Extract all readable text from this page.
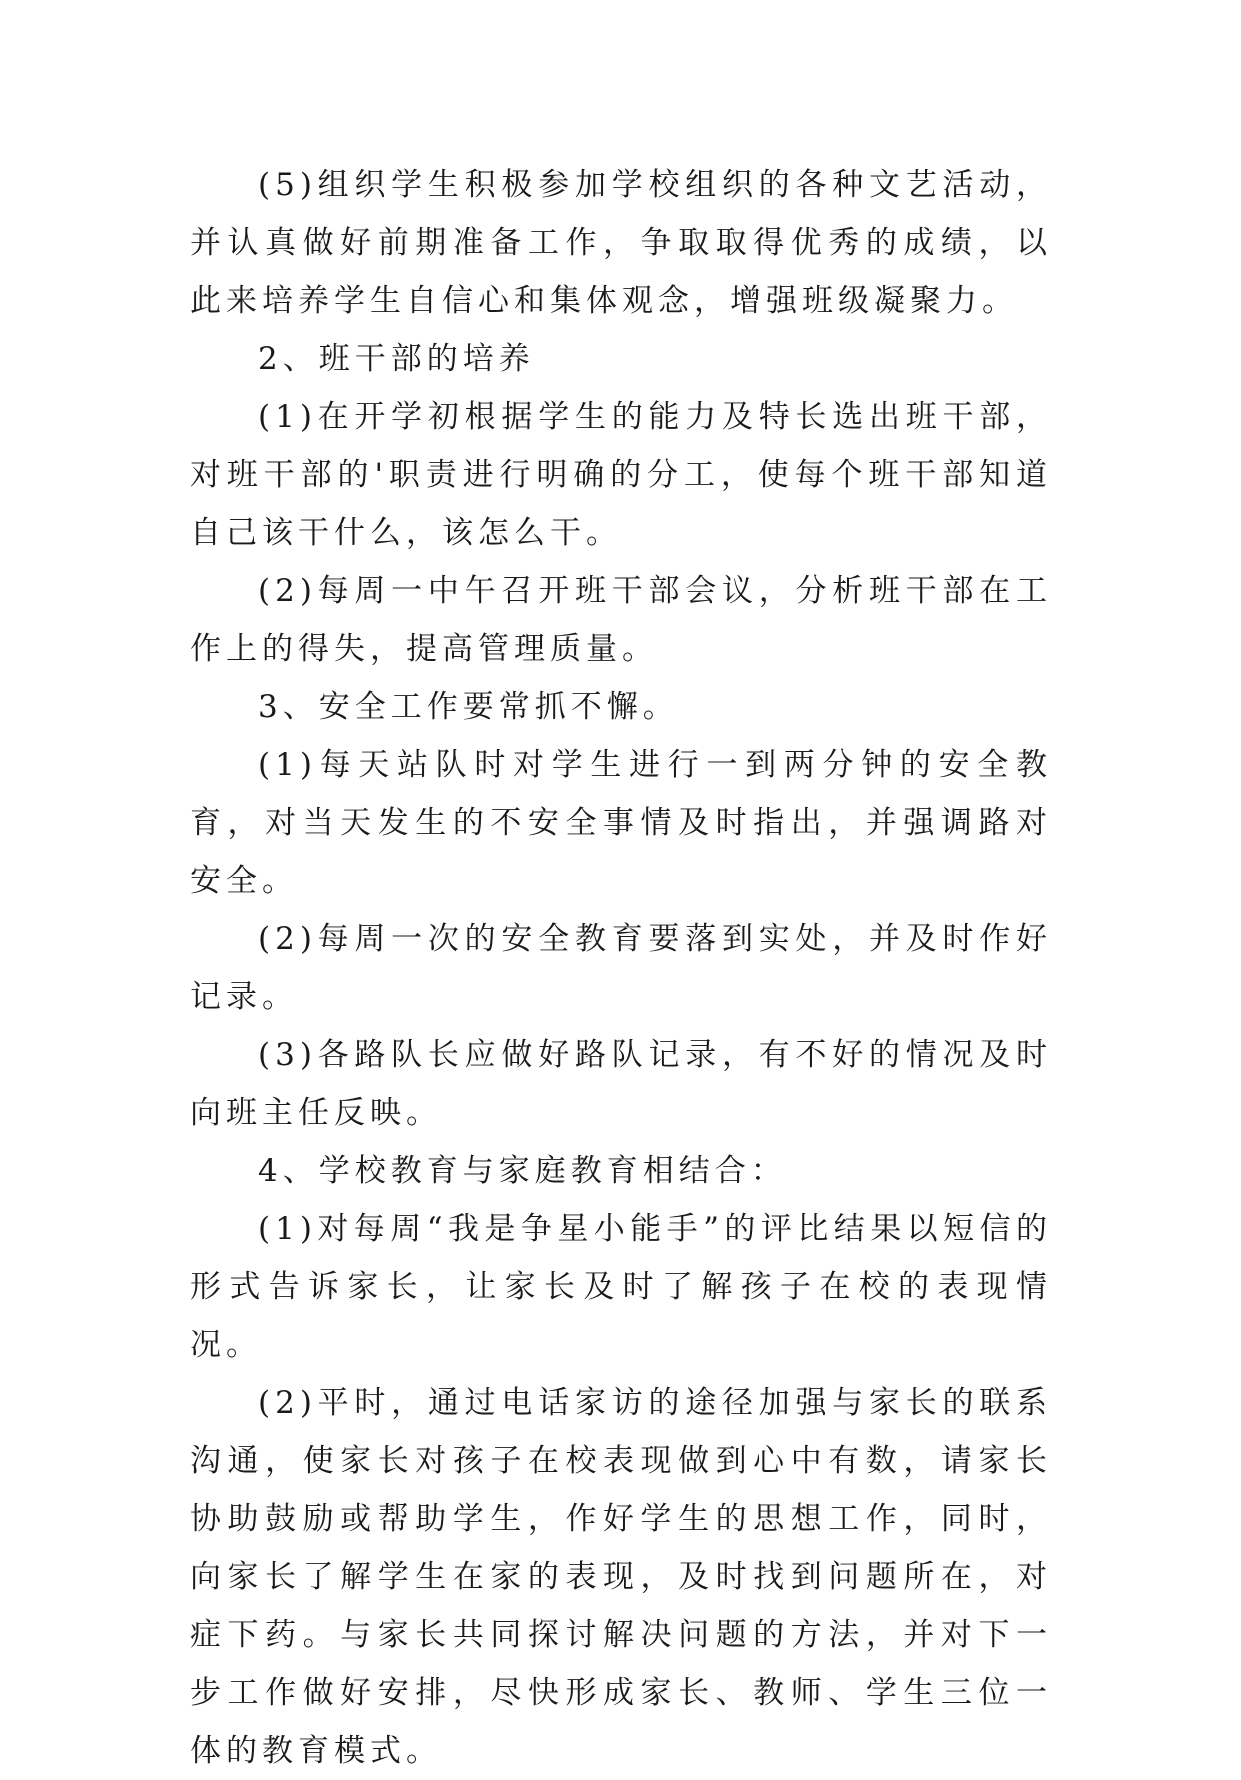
(5)组织学生积极参加学校组织的各种文艺活动，并认真做好前期准备工作，争取取得优秀的成绩，以此来培养学生自信心和集体观念，增强班级凝聚力。

2、班干部的培养

(1)在开学初根据学生的能力及特长选出班干部，对班干部的'职责进行明确的分工，使每个班干部知道自己该干什么，该怎么干。

(2)每周一中午召开班干部会议，分析班干部在工作上的得失，提高管理质量。

3、安全工作要常抓不懈。

(1)每天站队时对学生进行一到两分钟的安全教育，对当天发生的不安全事情及时指出，并强调路对安全。

(2)每周一次的安全教育要落到实处，并及时作好记录。

(3)各路队长应做好路队记录，有不好的情况及时向班主任反映。

4、学校教育与家庭教育相结合：

(1)对每周“我是争星小能手”的评比结果以短信的形式告诉家长，让家长及时了解孩子在校的表现情况。

(2)平时，通过电话家访的途径加强与家长的联系沟通，使家长对孩子在校表现做到心中有数，请家长协助鼓励或帮助学生，作好学生的思想工作，同时，向家长了解学生在家的表现，及时找到问题所在，对症下药。与家长共同探讨解决问题的方法，并对下一步工作做好安排，尽快形成家长、教师、学生三位一体的教育模式。
